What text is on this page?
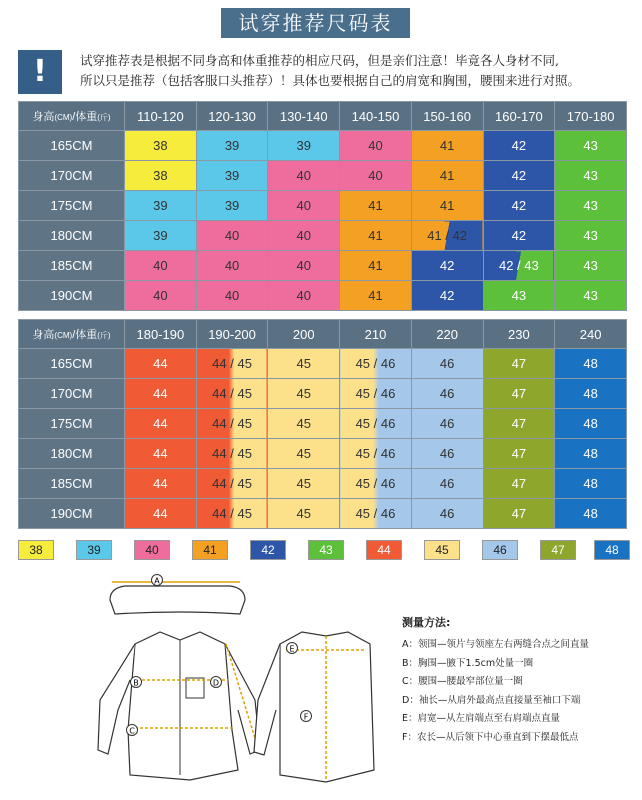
试穿推荐尺码表
!	试穿推荐表是根据不同身高和体重推荐的相应尺码，但是亲们注意！毕竟各人身材不同,
所以只是推荐（包括客服口头推荐）！具体也要根据自己的肩宽和胸围，腰围来进行对照。
身高(CM)/体重(斤)	110-120	120-130	130-140	140-150	150-160	160-170	170-180
165CM	38	39	39	40	41	42	43
170CM	38	39	40	40	41	42	43
175CM	39	39	40	41	41	42	43
180CM	39	40	40	41	41 / 42	42	43
185CM	40	40	40	41	42	42 / 43	43
190CM	40	40	40	41	42	43	43
身高(CM)/体重(斤)	180-190	190-200	200	210	220	230	240
165CM	44	44 / 45	45	45 / 46	46	47	48
170CM	44	44 / 45	45	45 / 46	46	47	48
175CM	44	44 / 45	45	45 / 46	46	47	48
180CM	44	44 / 45	45	45 / 46	46	47	48
185CM	44	44 / 45	45	45 / 46	46	47	48
190CM	44	44 / 45	45	45 / 46	46	47	48
38	39	40	41	42	43	44	45	46	47	48
A
B
C
D
E
F
测量方法:
A：领围—领片与领座左右两缝合点之间直量
B：胸围—腋下1.5cm处量一圈
C：腰围—腰最窄部位量一圈
D：袖长—从肩外最高点直接量至袖口下端
E：肩宽—从左肩端点至右肩端点直量
F：农长—从后领下中心垂直到下摆最低点
